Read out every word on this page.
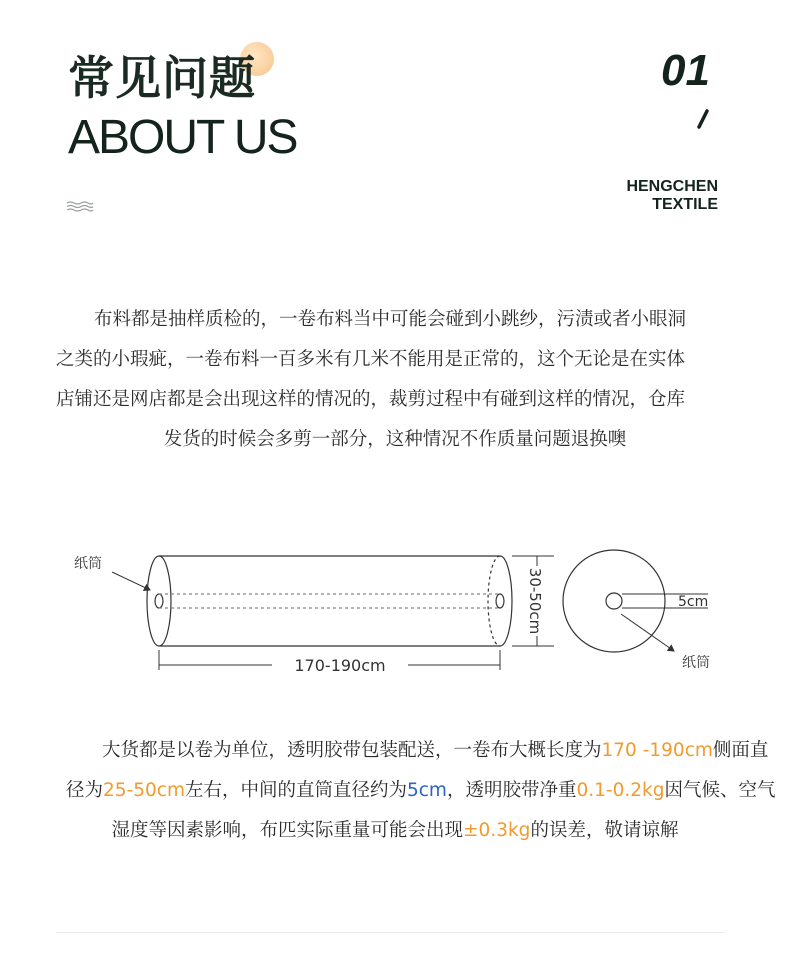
常见问题
ABOUT US
01
HENGCHEN
TEXTILE
布料都是抽样质检的，一卷布料当中可能会碰到小跳纱，污渍或者小眼洞
之类的小瑕疵，一卷布料一百多米有几米不能用是正常的，这个无论是在实体
店铺还是网店都是会出现这样的情况的，裁剪过程中有碰到这样的情况，仓库
发货的时候会多剪一部分，这种情况不作质量问题退换噢
纸筒
170-190cm
30-50cm	5cm
纸筒
大货都是以卷为单位，透明胶带包装配送，一卷布大概长度为170 -190cm侧面直
径为25-50cm左右，中间的直筒直径约为5cm，透明胶带净重0.1-0.2kg因气候、空气
湿度等因素影响，布匹实际重量可能会出现±0.3kg的误差，敬请谅解
